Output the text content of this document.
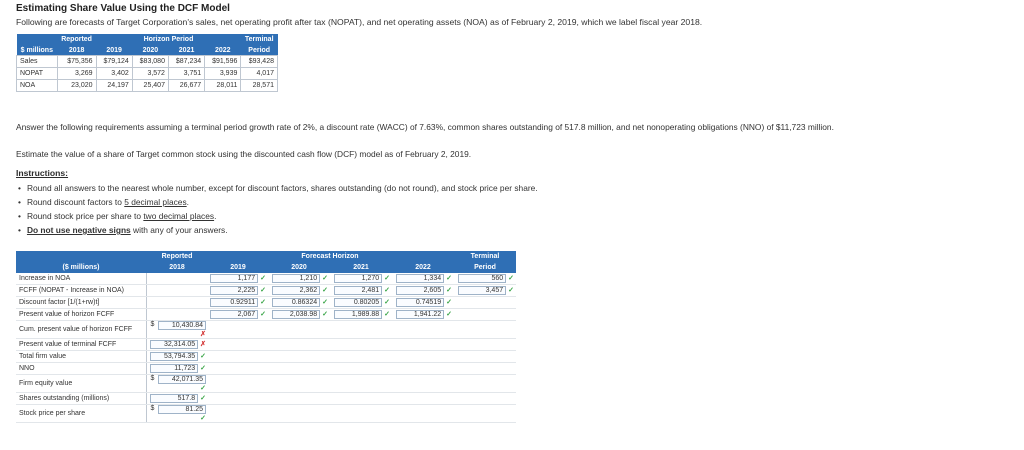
Estimating Share Value Using the DCF Model
Following are forecasts of Target Corporation's sales, net operating profit after tax (NOPAT), and net operating assets (NOA) as of February 2, 2019, which we label fiscal year 2018.
	Reported	Horizon Period				Terminal
$ millions	2018	2019	2020	2021	2022	Period
Sales	$75,356	$79,124	$83,080	$87,234	$91,596	$93,428
NOPAT	3,269	3,402	3,572	3,751	3,939	4,017
NOA	23,020	24,197	25,407	26,677	28,011	28,571

Answer the following requirements assuming a terminal period growth rate of 2%, a discount rate (WACC) of 7.63%, common shares outstanding of 517.8 million, and net nonoperating obligations (NNO) of $11,723 million.

Estimate the value of a share of Target common stock using the discounted cash flow (DCF) model as of February 2, 2019.

Instructions:

• Round all answers to the nearest whole number, except for discount factors, shares outstanding (do not round), and stock price per share.
• Round discount factors to 5 decimal places.
• Round stock price per share to two decimal places.
• Do not use negative signs with any of your answers.
	Reported		Forecast Horizon			Terminal
($ millions)	2018	2019	2020	2021	2022	Period
Increase in NOA		1,177 ✓	1,210 ✓	1,270 ✓	1,334 ✓	560 ✓
FCFF (NOPAT - Increase in NOA)		2,225 ✓	2,362 ✓	2,481 ✓	2,605 ✓	3,457 ✓
Discount factor [1/(1+rw)t]		0.92911 ✓	0.86324 ✓	0.80205 ✓	0.74519 ✓	
Present value of horizon FCFF		2,067 ✓	2,038.98 ✓	1,989.88 ✓	1,941.22 ✓	
Cum. present value of horizon FCFF	$ 10,430.84✗					
Present value of terminal FCFF	32,314.05 ✗					
Total firm value	53,794.35 ✓					
NNO	11,723 ✓					
Firm equity value	$ 42,071.35✓					
Shares outstanding (millions)	517.8 ✓					
Stock price per share	$ 81.25✓					
